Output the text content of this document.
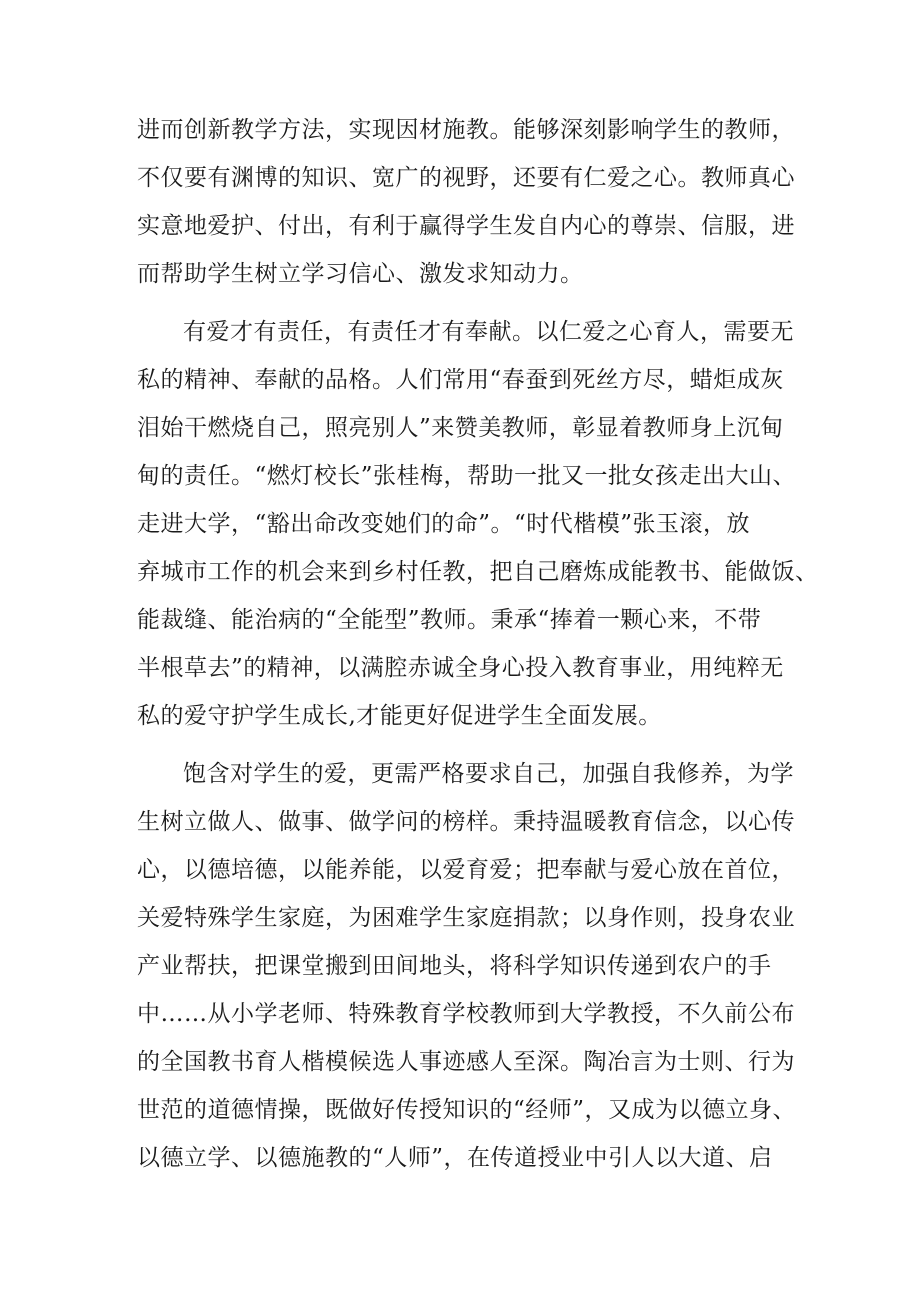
进而创新教学方法，实现因材施教。能够深刻影响学生的教师，
不仅要有渊博的知识、宽广的视野，还要有仁爱之心。教师真心
实意地爱护、付出，有利于赢得学生发自内心的尊崇、信服，进
而帮助学生树立学习信心、激发求知动力。
有爱才有责任，有责任才有奉献。以仁爱之心育人，需要无
私的精神、奉献的品格。人们常用“春蚕到死丝方尽，蜡炬成灰
泪始干燃烧自己，照亮别人”来赞美教师，彰显着教师身上沉甸
甸的责任。“燃灯校长”张桂梅，帮助一批又一批女孩走出大山、
走进大学，“豁出命改变她们的命”。“时代楷模”张玉滚，放
弃城市工作的机会来到乡村任教，把自己磨炼成能教书、能做饭、
能裁缝、能治病的“全能型”教师。秉承“捧着一颗心来，不带
半根草去”的精神，以满腔赤诚全身心投入教育事业，用纯粹无
私的爱守护学生成长,才能更好促进学生全面发展。
饱含对学生的爱，更需严格要求自己，加强自我修养，为学
生树立做人、做事、做学问的榜样。秉持温暖教育信念，以心传
心，以德培德，以能养能，以爱育爱；把奉献与爱心放在首位，
关爱特殊学生家庭，为困难学生家庭捐款；以身作则，投身农业
产业帮扶，把课堂搬到田间地头，将科学知识传递到农户的手
中……从小学老师、特殊教育学校教师到大学教授，不久前公布
的全国教书育人楷模候选人事迹感人至深。陶冶言为士则、行为
世范的道德情操，既做好传授知识的“经师”，又成为以德立身、
以德立学、以德施教的“人师”，在传道授业中引人以大道、启
